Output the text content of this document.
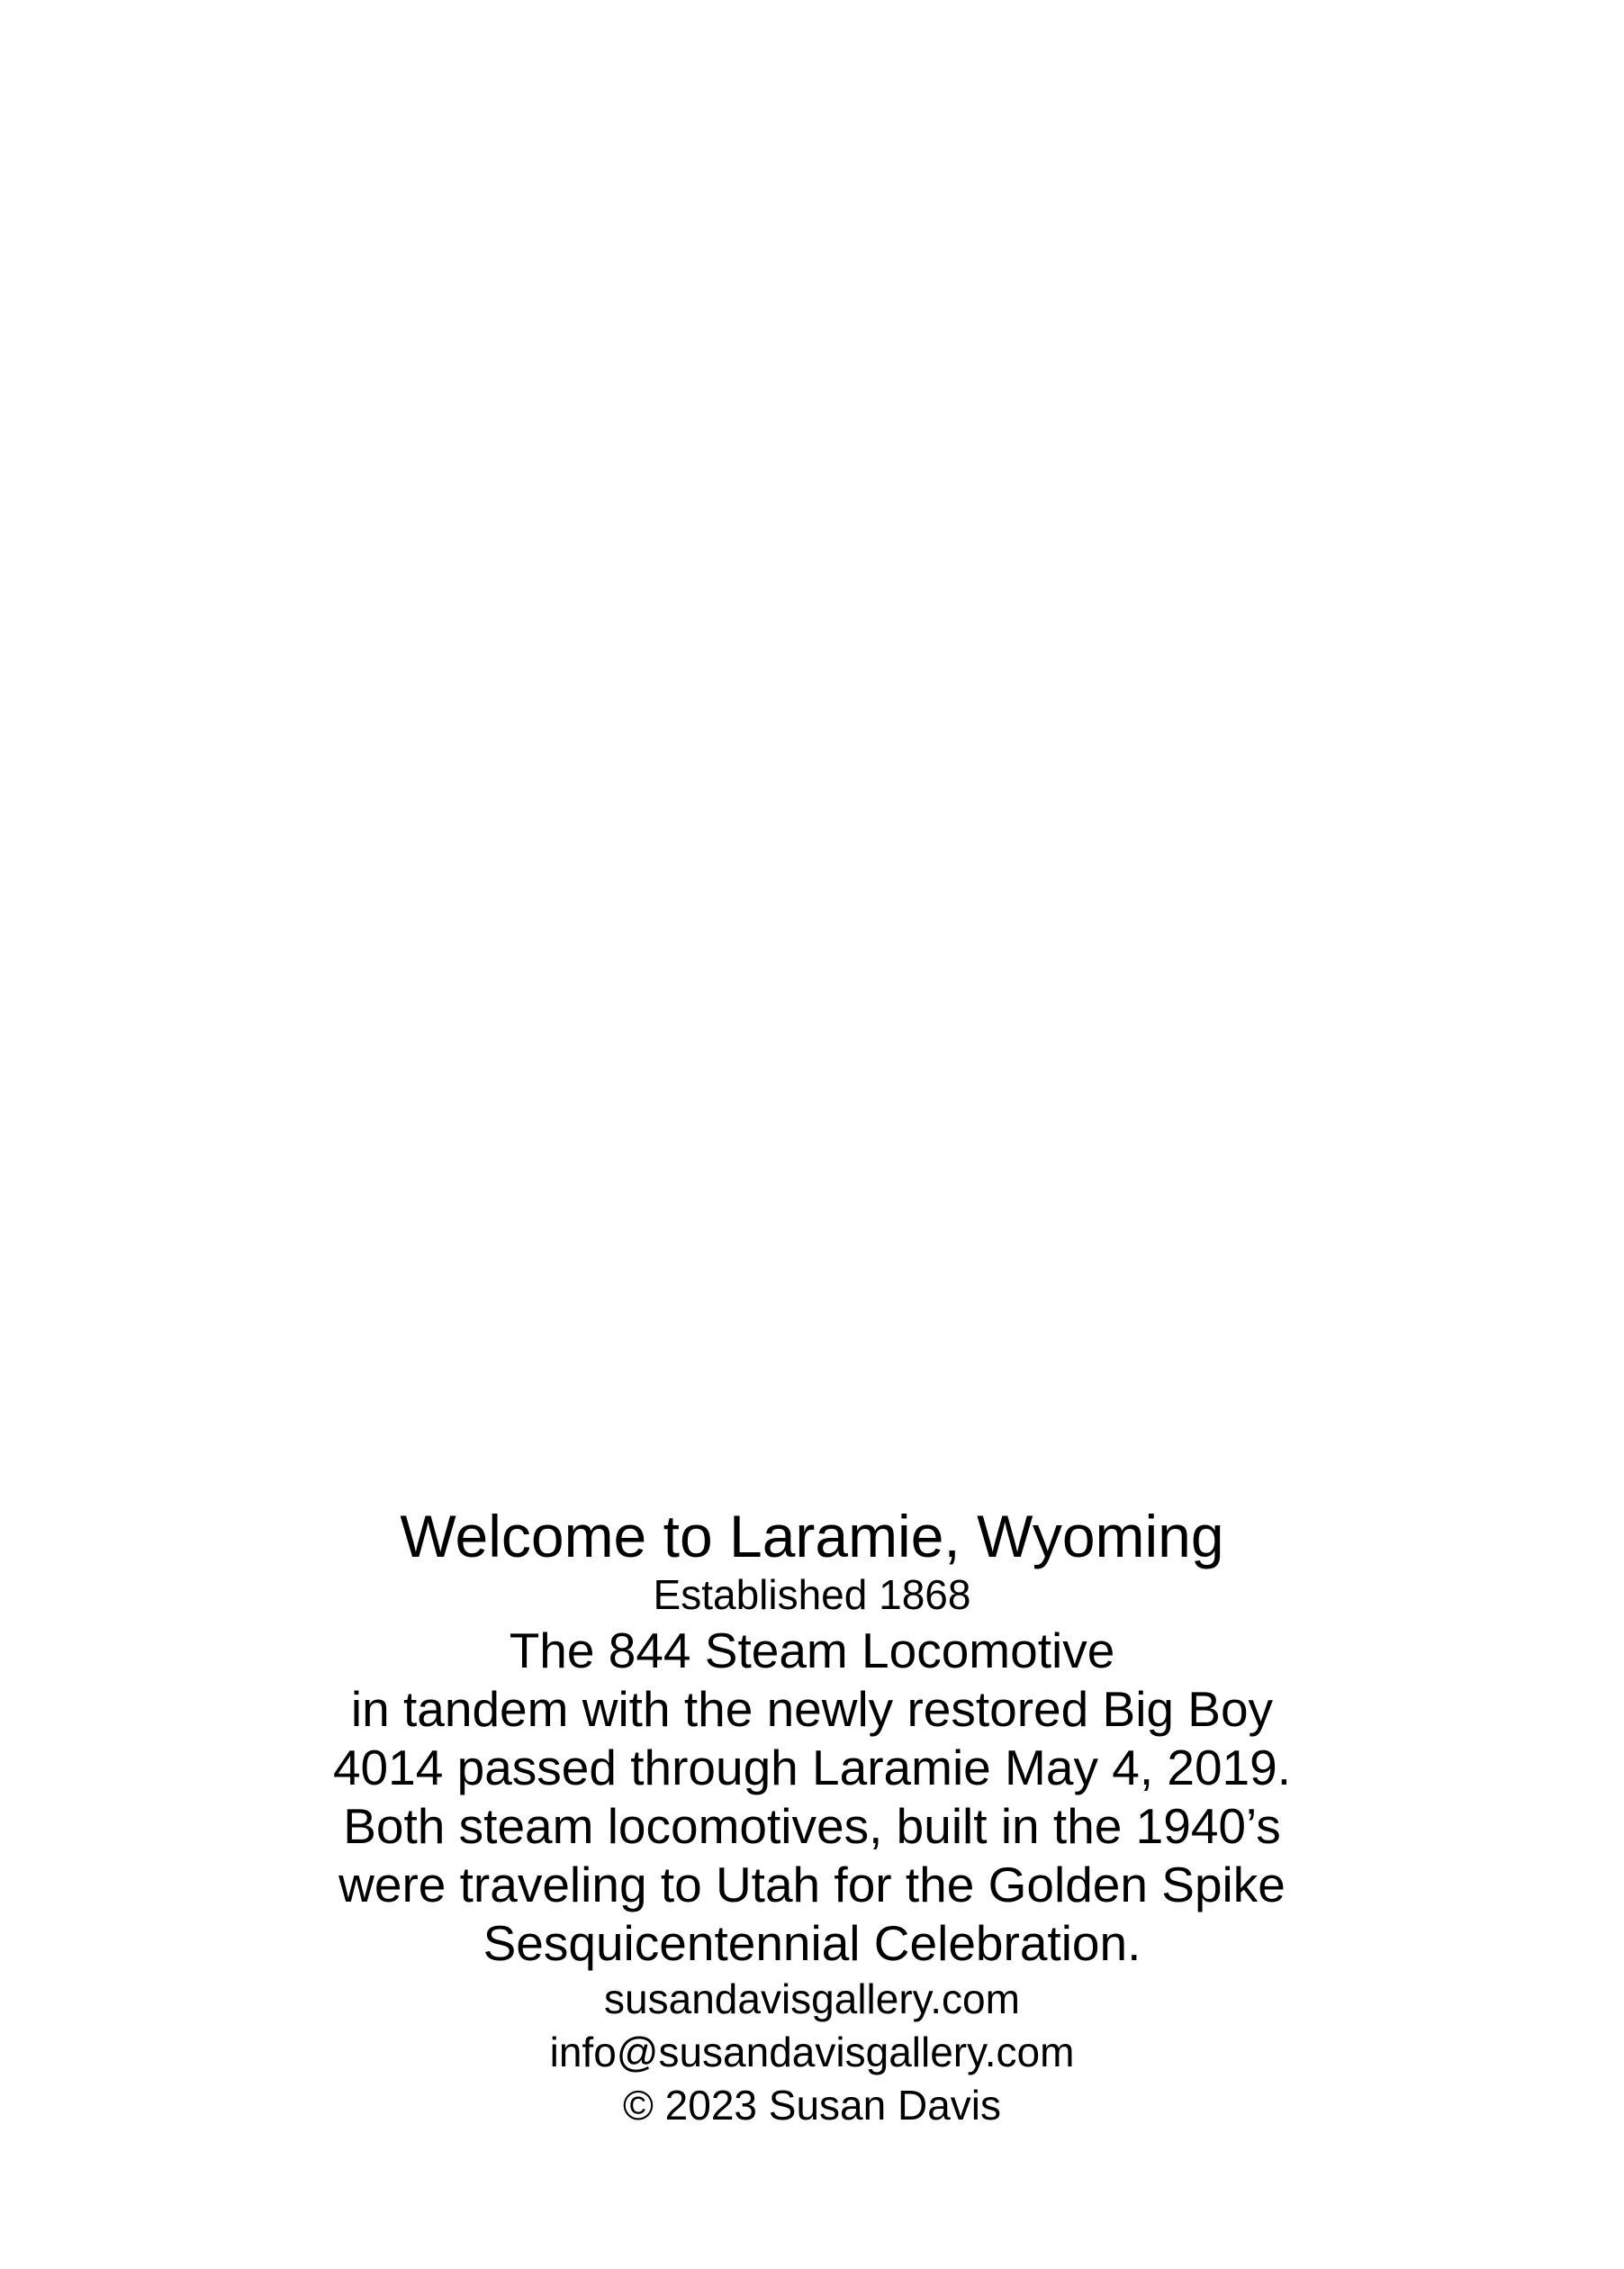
Welcome to Laramie, Wyoming
Established 1868
The 844 Steam Locomotive
in tandem with the newly restored Big Boy
4014 passed through Laramie May 4, 2019.
Both steam locomotives, built in the 1940’s
were traveling to Utah for the Golden Spike
Sesquicentennial Celebration.
susandavisgallery.com
info@susandavisgallery.com
© 2023 Susan Davis
